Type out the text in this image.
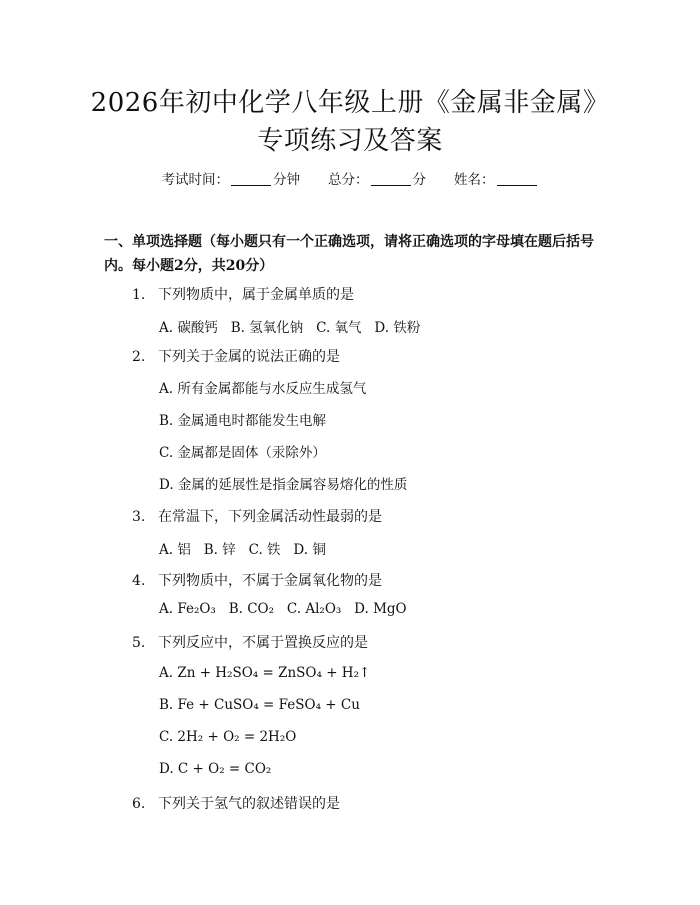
2026年初中化学八年级上册《金属非金属》
专项练习及答案
考试时间：	分钟 总分：	分 姓名：
一、单项选择题（每小题只有一个正确选项，请将正确选项的字母填在题后括号内。每小题2分，共20分）
1. 下列物质中，属于金属单质的是
A. 碳酸钙 B. 氢氧化钠 C. 氧气 D. 铁粉
2. 下列关于金属的说法正确的是
A. 所有金属都能与水反应生成氢气
B. 金属通电时都能发生电解
C. 金属都是固体（汞除外）
D. 金属的延展性是指金属容易熔化的性质
3. 在常温下，下列金属活动性最弱的是
A. 铝 B. 锌 C. 铁 D. 铜
4. 下列物质中，不属于金属氧化物的是
A. Fe₂O₃ B. CO₂ C. Al₂O₃ D. MgO
5. 下列反应中，不属于置换反应的是
A. Zn + H₂SO₄ = ZnSO₄ + H₂↑
B. Fe + CuSO₄ = FeSO₄ + Cu
C. 2H₂ + O₂ = 2H₂O
D. C + O₂ = CO₂
6. 下列关于氢气的叙述错误的是
